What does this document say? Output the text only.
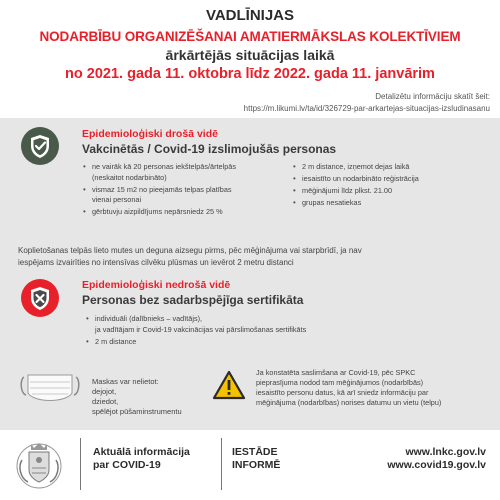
VADLĪNIJAS
NODARBĪBU ORGANIZĒŠANAI AMATIERMĀKSLAS KOLEKTĪVIEM
ārkārtējās situācijas laikā
no 2021. gada 11. oktobra līdz 2022. gada 11. janvārim
Detalizētu informāciju skatīt šeit:
https://m.likumi.lv/ta/id/326729-par-arkartejas-situacijas-izsludinasanu
Epidemioloģiski drošā vidē
Vakcinētās / Covid-19 izslimojušās personas
• ne vairāk kā 20 personas iekštelpās/ārtelpās
(neskaitot nodarbināto)
• vismaz 15 m2 no pieejamās telpas platības
vienai personai
• gērbtuvju aizpildījums nepārsniedz 25 %
• 2 m distance, izņemot dejas laikā
• iesaistīto un nodarbināto reģistrācija
• mēģinājumi līdz plkst. 21.00
• grupas nesatiekas
Koplietošanas telpās lieto mutes un deguna aizsegu pirms, pēc mēģinājuma vai starpbrīdī, ja nav
iespējams izvairīties no intensīvas cilvēku plūsmas un ievērot 2 metru distanci
Epidemioloģiski nedrošā vidē
Personas bez sadarbspējīga sertifikāta
• individuāli (dalībnieks – vadītājs),
ja vadītājam ir Covid-19 vakcinācijas vai pārslimošanas sertifikāts
• 2 m distance
Maskas var nelietot:
dejojot,
dziedot,
spēlējot pūšaminstrumentu
Ja konstatēta saslimšana ar Covid-19, pēc SPKC
pieprasījuma nodod tam mēģinājumos (nodarbībās)
iesaistīto personu datus, kā arī sniedz informāciju par
mēģinājuma (nodarbības) norises datumu un vietu (telpu)
Aktuālā informācija
par COVID-19
IESTĀDE
INFORMĒ
www.lnkc.gov.lv
www.covid19.gov.lv
